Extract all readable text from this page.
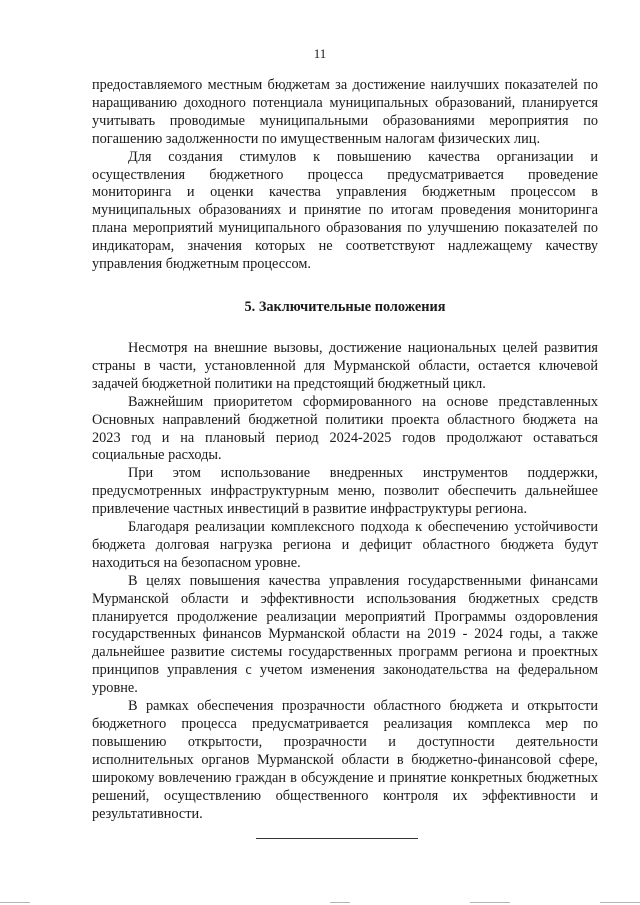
11

предоставляемого местным бюджетам за достижение наилучших показателей по наращиванию доходного потенциала муниципальных образований, планируется учитывать проводимые муниципальными образованиями мероприятия по погашению задолженности по имущественным налогам физических лиц.

Для создания стимулов к повышению качества организации и осуществления бюджетного процесса предусматривается проведение мониторинга и оценки качества управления бюджетным процессом в муниципальных образованиях и принятие по итогам проведения мониторинга плана мероприятий муниципального образования по улучшению показателей по индикаторам, значения которых не соответствуют надлежащему качеству управления бюджетным процессом.

5. Заключительные положения

Несмотря на внешние вызовы, достижение национальных целей развития страны в части, установленной для Мурманской области, остается ключевой задачей бюджетной политики на предстоящий бюджетный цикл.

Важнейшим приоритетом сформированного на основе представленных Основных направлений бюджетной политики проекта областного бюджета на 2023 год и на плановый период 2024-2025 годов продолжают оставаться социальные расходы.

При этом использование внедренных инструментов поддержки, предусмотренных инфраструктурным меню, позволит обеспечить дальнейшее привлечение частных инвестиций в развитие инфраструктуры региона.

Благодаря реализации комплексного подхода к обеспечению устойчивости бюджета долговая нагрузка региона и дефицит областного бюджета будут находиться на безопасном уровне.

В целях повышения качества управления государственными финансами Мурманской области и эффективности использования бюджетных средств планируется продолжение реализации мероприятий Программы оздоровления государственных финансов Мурманской области на 2019 - 2024 годы, а также дальнейшее развитие системы государственных программ региона и проектных принципов управления с учетом изменения законодательства на федеральном уровне.

В рамках обеспечения прозрачности областного бюджета и открытости бюджетного процесса предусматривается реализация комплекса мер по повышению открытости, прозрачности и доступности деятельности исполнительных органов Мурманской области в бюджетно-финансовой сфере, широкому вовлечению граждан в обсуждение и принятие конкретных бюджетных решений, осуществлению общественного контроля их эффективности и результативности.
